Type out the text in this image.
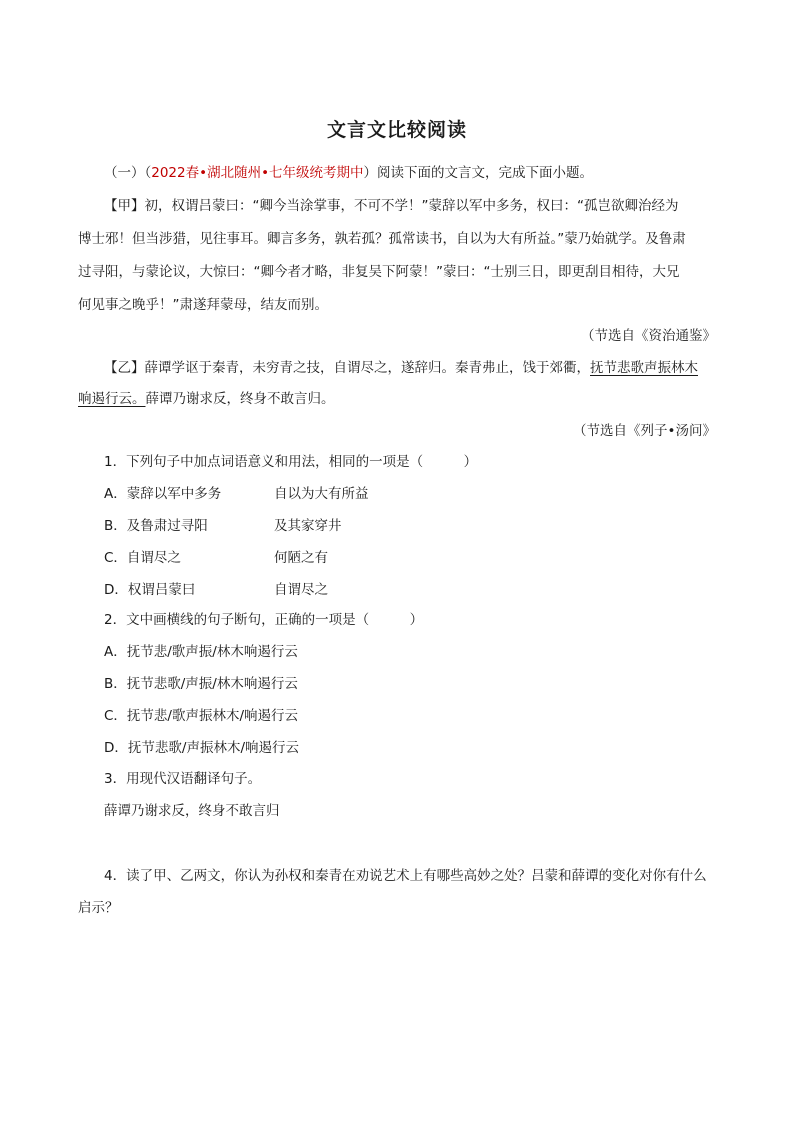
文言文比较阅读
（一）（2022春•湖北随州•七年级统考期中）阅读下面的文言文，完成下面小题。
【甲】初，权谓吕蒙曰：“卿今当涂掌事，不可不学！”蒙辞以军中多务，权曰：“孤岂欲卿治经为
博士邪！但当涉猎，见往事耳。卿言多务，孰若孤？孤常读书，自以为大有所益。”蒙乃始就学。及鲁肃
过寻阳，与蒙论议，大惊曰：“卿今者才略，非复吴下阿蒙！”蒙曰：“士别三日，即更刮目相待，大兄
何见事之晚乎！”肃遂拜蒙母，结友而别。
（节选自《资治通鉴》
【乙】薛谭学讴于秦青，未穷青之技，自谓尽之，遂辞归。秦青弗止，饯于郊衢，抚节悲歌声振林木
响遏行云。薛谭乃谢求反，终身不敢言归。
（节选自《列子•汤问》
1．下列句子中加点词语意义和用法，相同的一项是（　　　）
A．蒙辞以军中多务	自以为大有所益
B．及鲁肃过寻阳	及其家穿井
C．自谓尽之	何陋之有
D．权谓吕蒙曰	自谓尽之
2．文中画横线的句子断句，正确的一项是（　　　）
A．抚节悲/歌声振/林木响遏行云
B．抚节悲歌/声振/林木响遏行云
C．抚节悲/歌声振林木/响遏行云
D．抚节悲歌/声振林木/响遏行云
3．用现代汉语翻译句子。
薛谭乃谢求反，终身不敢言归
4．读了甲、乙两文，你认为孙权和秦青在劝说艺术上有哪些高妙之处？吕蒙和薛谭的变化对你有什么
启示？
